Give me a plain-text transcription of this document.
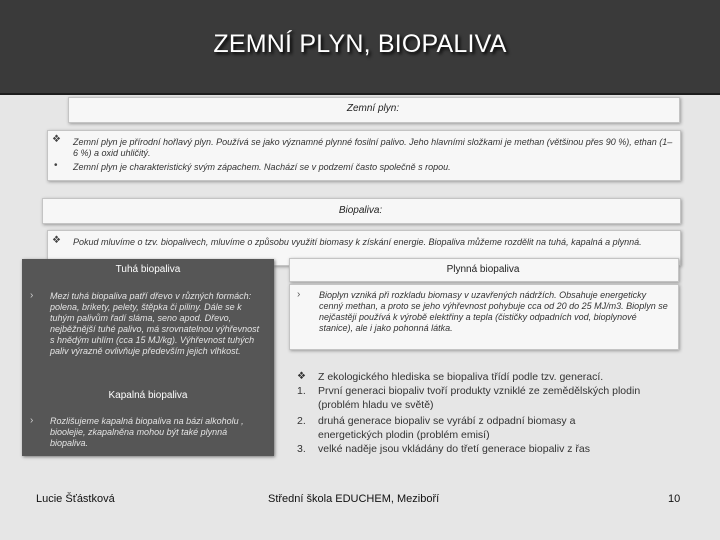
ZEMNÍ PLYN, BIOPALIVA
Zemní plyn:
❖ Zemní plyn je přírodní hořlavý plyn. Používá se jako významné plynné fosilní palivo. Jeho hlavními složkami je methan (většinou přes 90 %), ethan (1–6 %) a oxid uhličitý.
• Zemní plyn je charakteristický svým zápachem. Nachází se v podzemí často společně s ropou.
Biopaliva:
Pokud mluvíme o tzv. biopalivech, mluvíme o způsobu využití biomasy k získání energie. Biopaliva můžeme rozdělit na tuhá, kapalná a plynná.
❖
Tuhá biopaliva
› Mezi tuhá biopaliva patří dřevo v různých formách: polena, brikety, pelety, štěpka či piliny. Dále se k tuhým palivům řadí sláma, seno apod. Dřevo, nejběžnější tuhé palivo, má srovnatelnou výhřevnost s hnědým uhlím (cca 15 MJ/kg). Výhřevnost tuhých paliv výrazně ovlivňuje především jejich vlhkost.
Kapalná biopaliva
› Rozlišujeme kapalná biopaliva na bázi alkoholu , bioolejie, zkapalněna mohou být také plynná biopaliva.
Plynná biopaliva
› Bioplyn vzniká při rozkladu biomasy v uzavřených nádržích. Obsahuje energeticky cenný methan, a proto se jeho výhřevnost pohybuje cca od 20 do 25 MJ/m3. Bioplyn se nejčastěji používá k výrobě elektřiny a tepla (čističky odpadních vod, bioplynové stanice), ale i jako pohonná látka.
❖ Z ekologického hlediska se biopaliva třídí podle tzv. generací.
1. První generaci biopaliv tvoří produkty vzniklé ze zemědělských plodin (problém hladu ve světě)
2. druhá generace biopaliv se vyrábí z odpadní biomasy a energetických plodin (problém emisí)
3. velké naděje jsou vkládány do třetí generace biopaliv z řas
Lucie Šťástková	Střední škola EDUCHEM, Meziboří	10
